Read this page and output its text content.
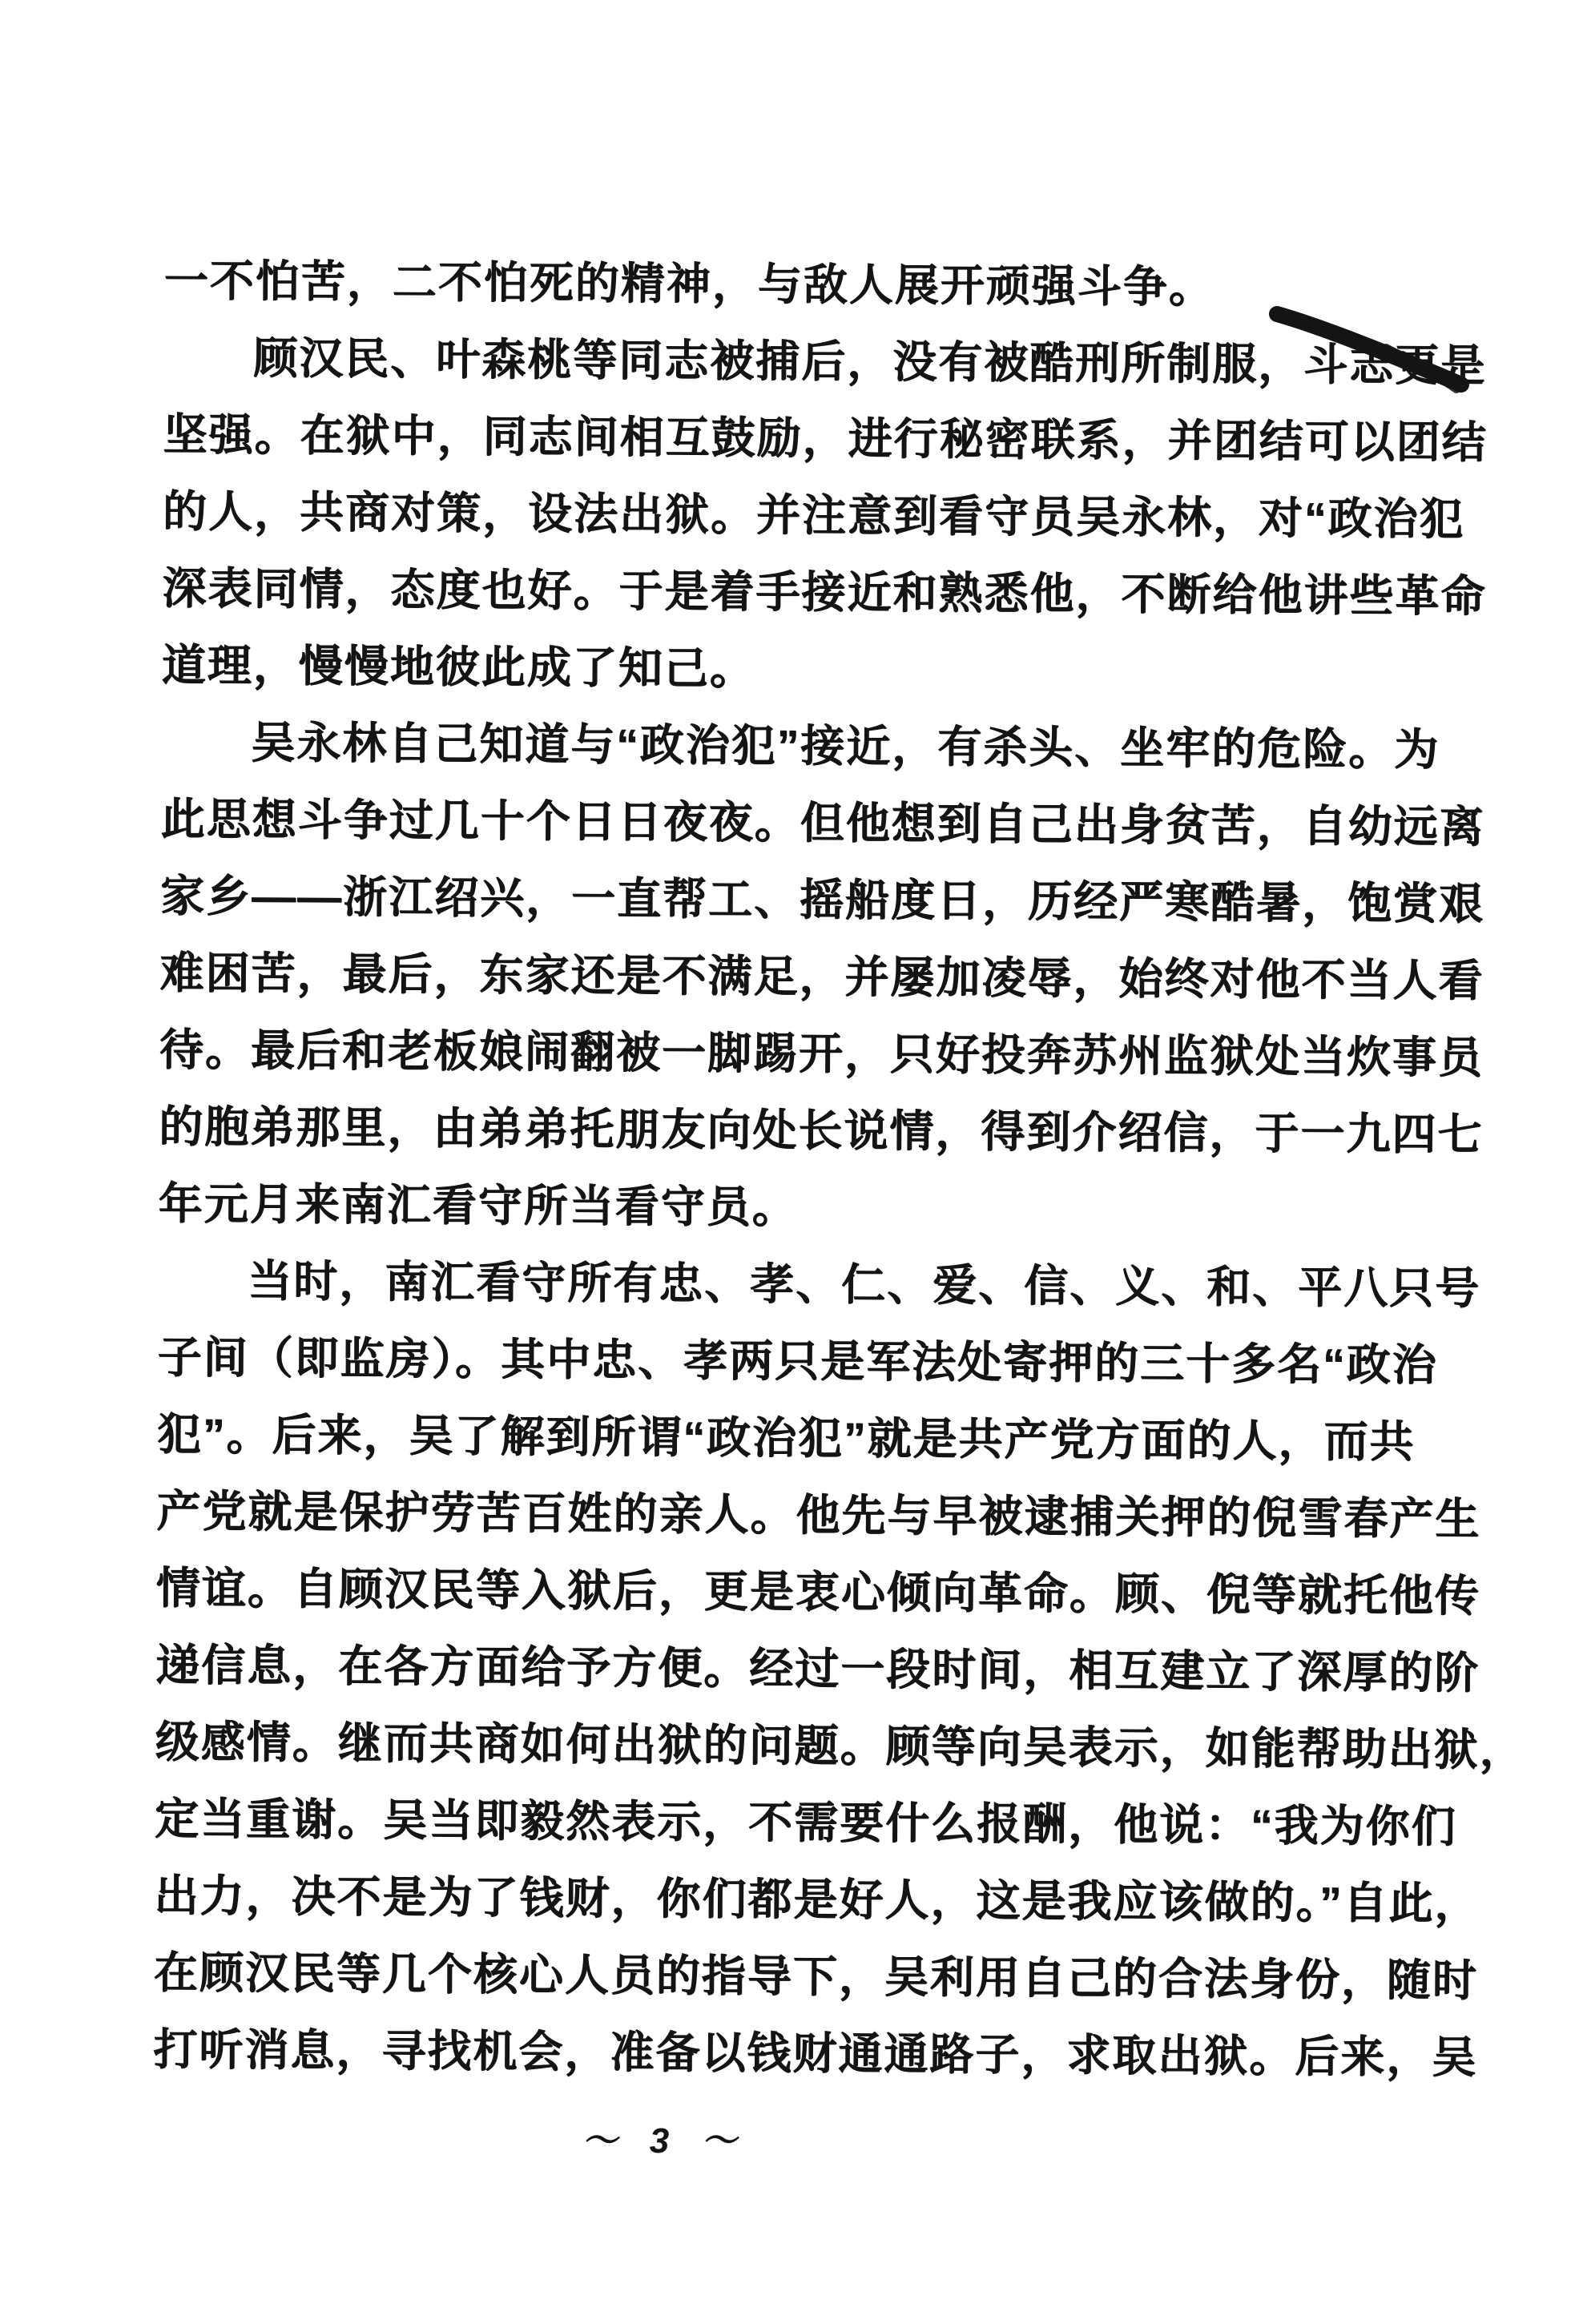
一不怕苦，二不怕死的精神，与敌人展开顽强斗争。
顾汉民、叶森桃等同志被捕后，没有被酷刑所制服，斗志更是
坚强。在狱中，同志间相互鼓励，进行秘密联系，并团结可以团结
的人，共商对策，设法出狱。并注意到看守员吴永林，对“政治犯
深表同情，态度也好。于是着手接近和熟悉他，不断给他讲些革命
道理，慢慢地彼此成了知己。
吴永林自己知道与“政治犯”接近，有杀头、坐牢的危险。为
此思想斗争过几十个日日夜夜。但他想到自己出身贫苦，自幼远离
家乡——浙江绍兴，一直帮工、摇船度日，历经严寒酷暑，饱赏艰
难困苦，最后，东家还是不满足，并屡加凌辱，始终对他不当人看
待。最后和老板娘闹翻被一脚踢开，只好投奔苏州监狱处当炊事员
的胞弟那里，由弟弟托朋友向处长说情，得到介绍信，于一九四七
年元月来南汇看守所当看守员。
当时，南汇看守所有忠、孝、仁、爱、信、义、和、平八只号
子间（即监房）。其中忠、孝两只是军法处寄押的三十多名“政治
犯”。后来，吴了解到所谓“政治犯”就是共产党方面的人，而共
产党就是保护劳苦百姓的亲人。他先与早被逮捕关押的倪雪春产生
情谊。自顾汉民等入狱后，更是衷心倾向革命。顾、倪等就托他传
递信息，在各方面给予方便。经过一段时间，相互建立了深厚的阶
级感情。继而共商如何出狱的问题。顾等向吴表示，如能帮助出狱，
定当重谢。吴当即毅然表示，不需要什么报酬，他说：“我为你们
出力，决不是为了钱财，你们都是好人，这是我应该做的。”自此，
在顾汉民等几个核心人员的指导下，吴利用自己的合法身份，随时
打听消息，寻找机会，准备以钱财通通路子，求取出狱。后来，吴
～ 3 ～
